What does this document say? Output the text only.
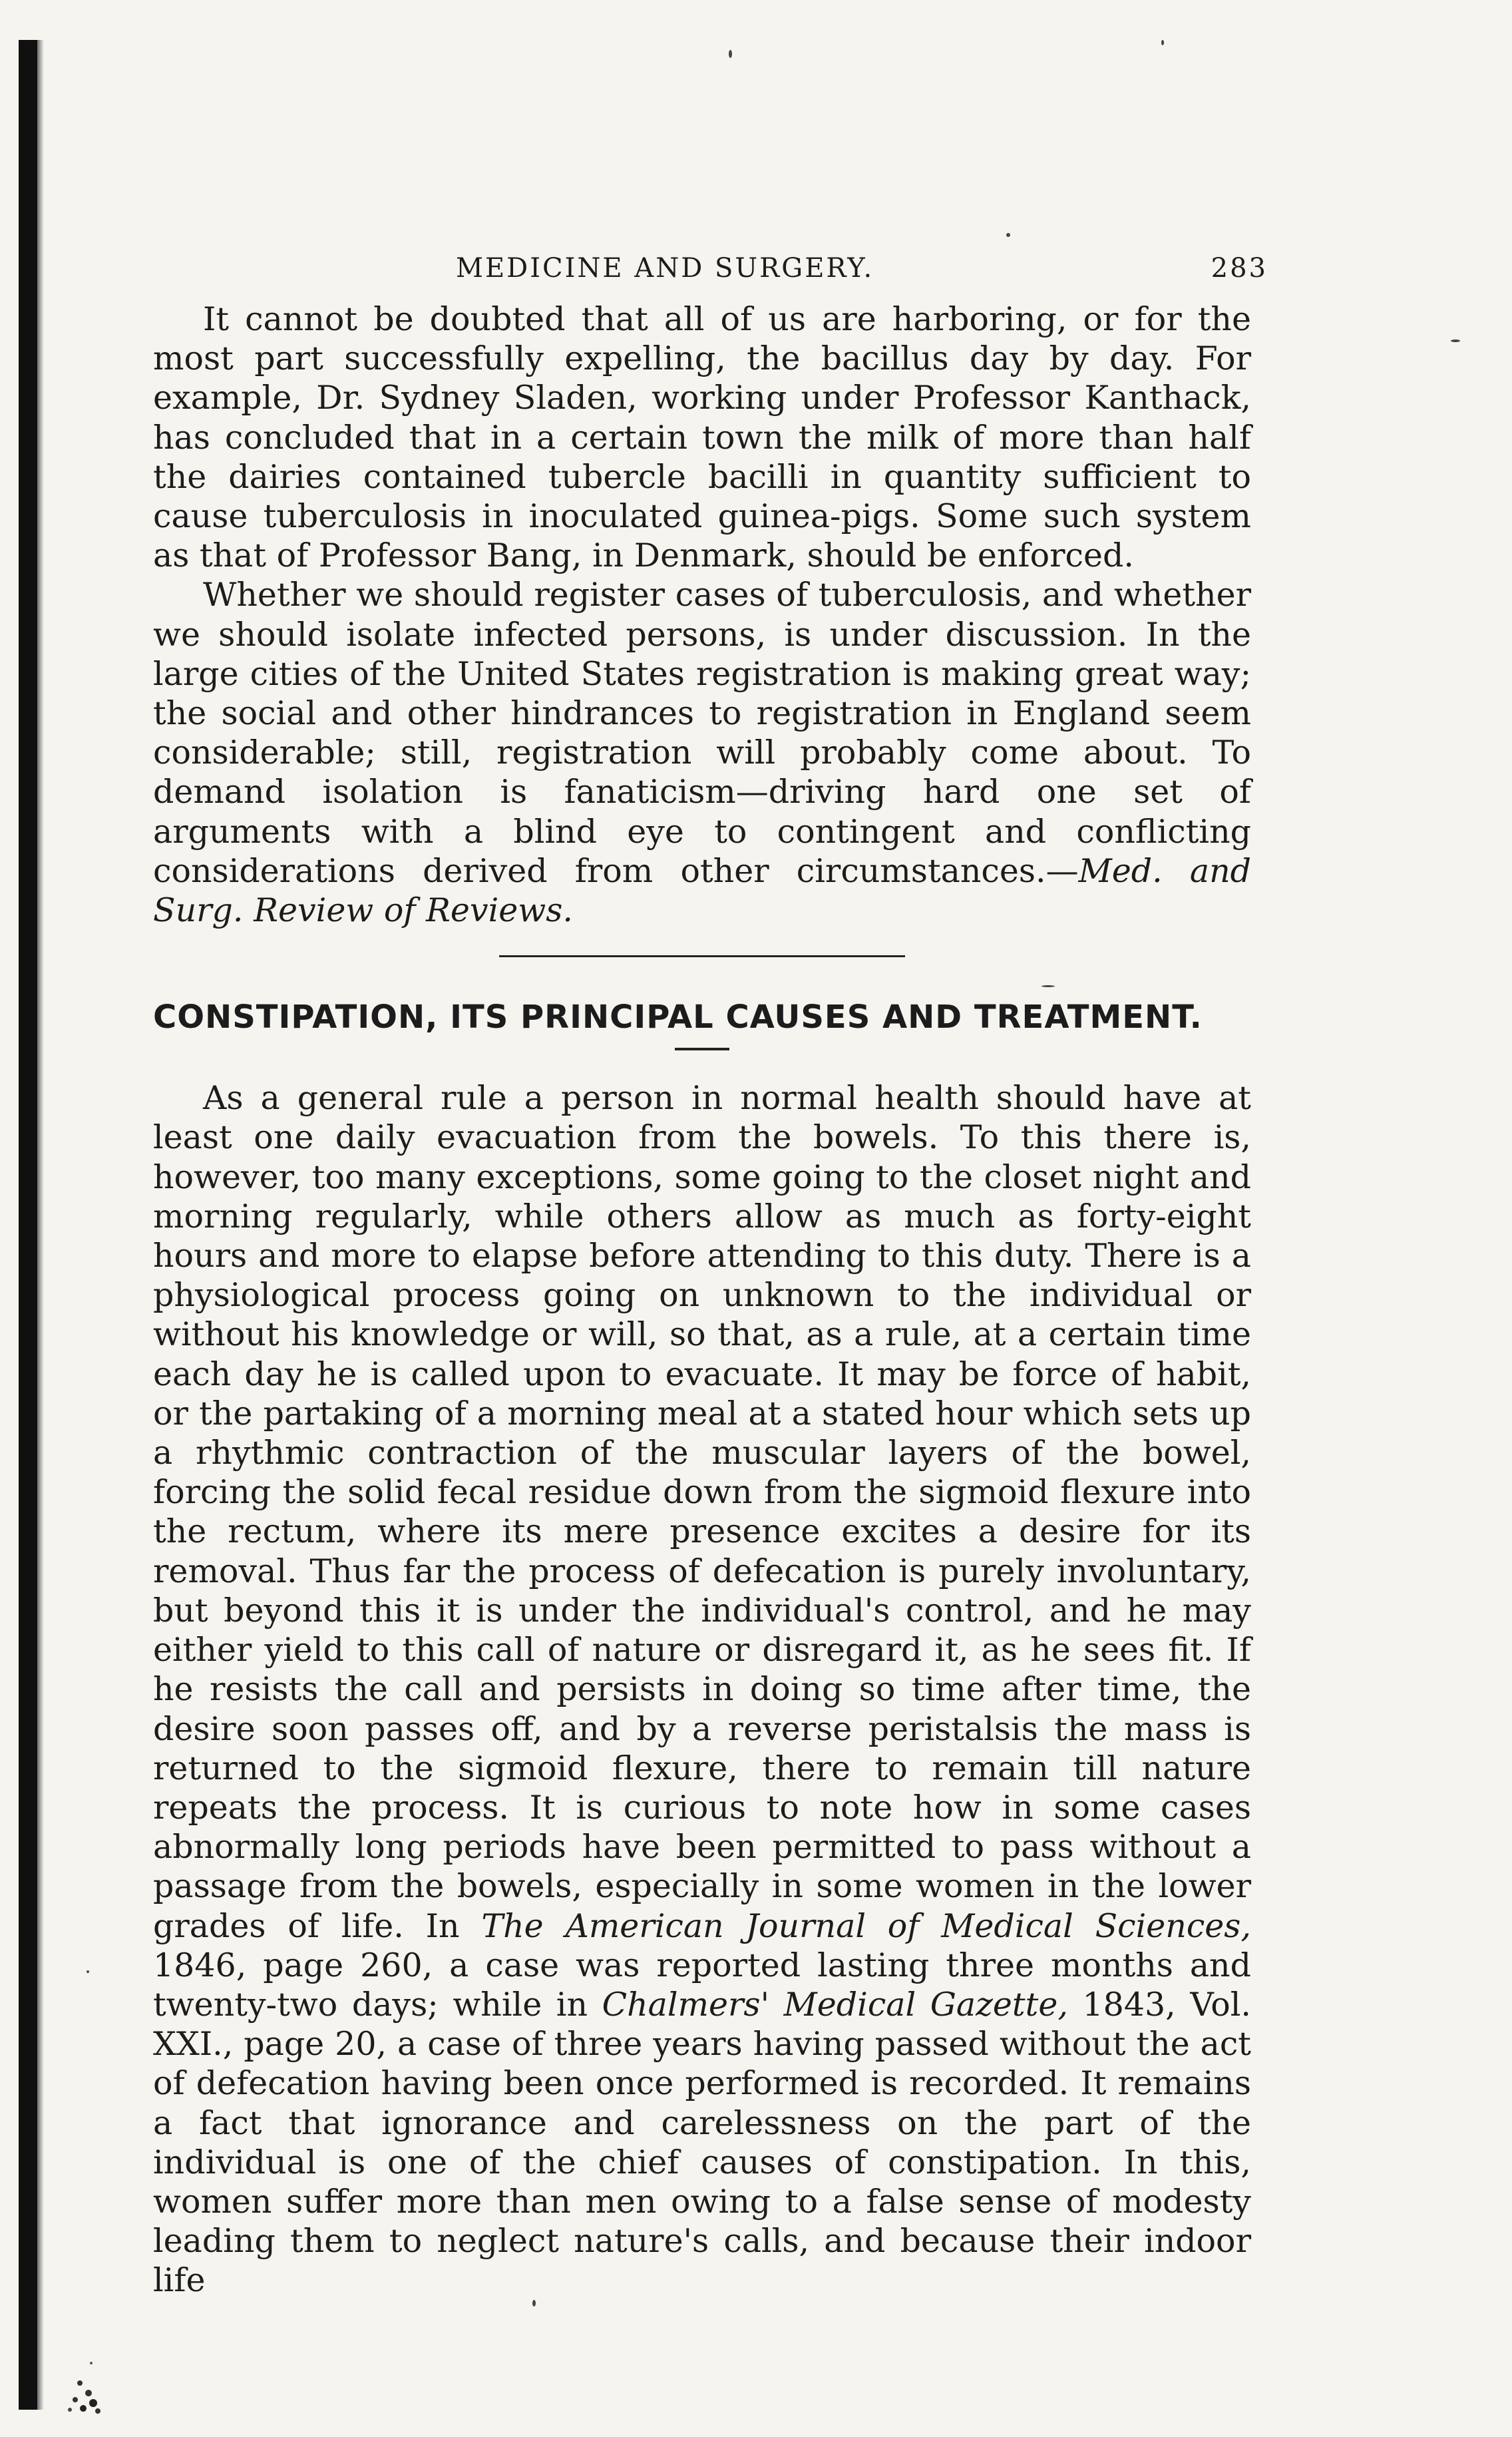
MEDICINE AND SURGERY.	283

It cannot be doubted that all of us are harboring, or for the most part successfully expelling, the bacillus day by day. For example, Dr. Sydney Sladen, working under Professor Kanthack, has concluded that in a certain town the milk of more than half the dairies contained tubercle bacilli in quantity sufficient to cause tuberculosis in inoculated guinea-pigs. Some such system as that of Professor Bang, in Denmark, should be enforced.

Whether we should register cases of tuberculosis, and whether we should isolate infected persons, is under discussion. In the large cities of the United States registration is making great way; the social and other hindrances to registration in England seem considerable; still, registration will probably come about. To demand isolation is fanaticism—driving hard one set of arguments with a blind eye to contingent and conflicting considerations derived from other circumstances.—Med. and Surg. Review of Reviews.

CONSTIPATION, ITS PRINCIPAL CAUSES AND TREATMENT.

As a general rule a person in normal health should have at least one daily evacuation from the bowels. To this there is, however, too many exceptions, some going to the closet night and morning regularly, while others allow as much as forty-eight hours and more to elapse before attending to this duty. There is a physiological process going on unknown to the individual or without his knowledge or will, so that, as a rule, at a certain time each day he is called upon to evacuate. It may be force of habit, or the partaking of a morning meal at a stated hour which sets up a rhythmic contraction of the muscular layers of the bowel, forcing the solid fecal residue down from the sigmoid flexure into the rectum, where its mere presence excites a desire for its removal. Thus far the process of defecation is purely involuntary, but beyond this it is under the individual's control, and he may either yield to this call of nature or disregard it, as he sees fit. If he resists the call and persists in doing so time after time, the desire soon passes off, and by a reverse peristalsis the mass is returned to the sigmoid flexure, there to remain till nature repeats the process. It is curious to note how in some cases abnormally long periods have been permitted to pass without a passage from the bowels, especially in some women in the lower grades of life. In The American Journal of Medical Sciences, 1846, page 260, a case was reported lasting three months and twenty-two days; while in Chalmers' Medical Gazette, 1843, Vol. XXI., page 20, a case of three years having passed without the act of defecation having been once performed is recorded. It remains a fact that ignorance and carelessness on the part of the individual is one of the chief causes of constipation. In this, women suffer more than men owing to a false sense of modesty leading them to neglect nature's calls, and because their indoor life
